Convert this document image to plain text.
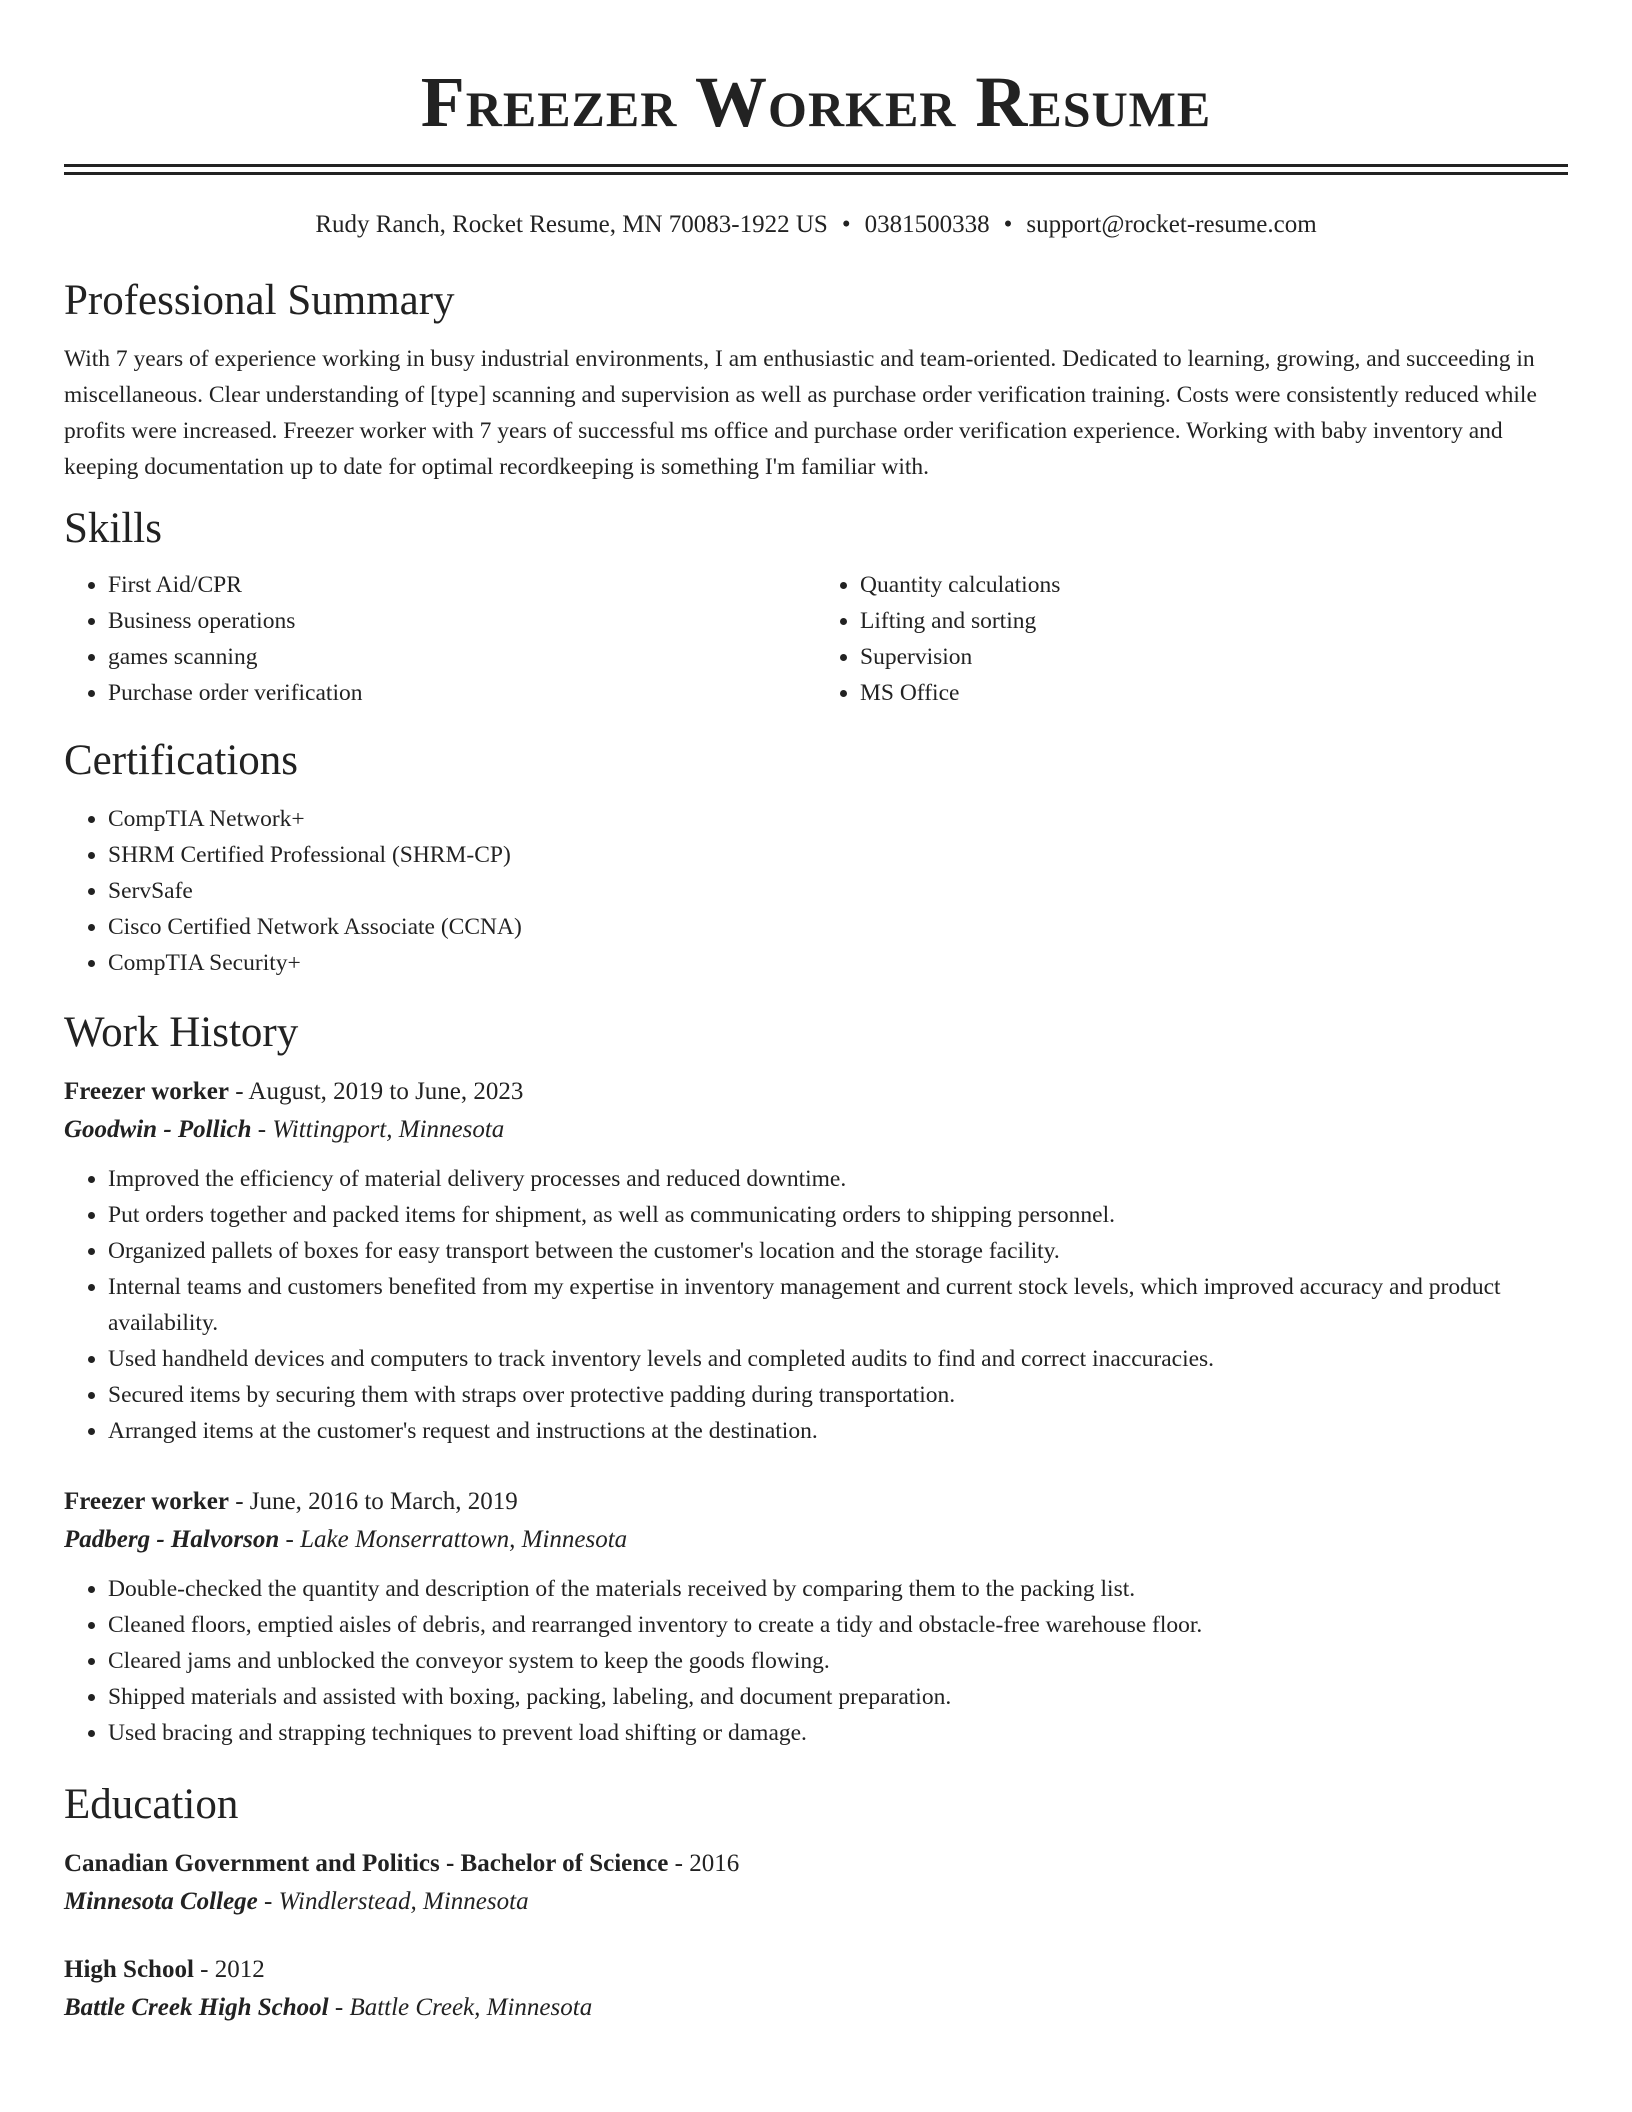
Freezer Worker Resume
Rudy Ranch, Rocket Resume, MN 70083-1922 US • 0381500338 • support@rocket-resume.com
Professional Summary

With 7 years of experience working in busy industrial environments, I am enthusiastic and team-oriented. Dedicated to learning, growing, and succeeding in miscellaneous. Clear understanding of [type] scanning and supervision as well as purchase order verification training. Costs were consistently reduced while profits were increased. Freezer worker with 7 years of successful ms office and purchase order verification experience. Working with baby inventory and keeping documentation up to date for optimal recordkeeping is something I'm familiar with.

Skills
• First Aid/CPR
• Business operations
• games scanning
• Purchase order verification
• Quantity calculations
• Lifting and sorting
• Supervision
• MS Office
Certifications
• CompTIA Network+
• SHRM Certified Professional (SHRM-CP)
• ServSafe
• Cisco Certified Network Associate (CCNA)
• CompTIA Security+
Work History
Freezer worker - August, 2019 to June, 2023
Goodwin - Pollich - Wittingport, Minnesota
• Improved the efficiency of material delivery processes and reduced downtime.
• Put orders together and packed items for shipment, as well as communicating orders to shipping personnel.
• Organized pallets of boxes for easy transport between the customer's location and the storage facility.
• Internal teams and customers benefited from my expertise in inventory management and current stock levels, which improved accuracy and product availability.
• Used handheld devices and computers to track inventory levels and completed audits to find and correct inaccuracies.
• Secured items by securing them with straps over protective padding during transportation.
• Arranged items at the customer's request and instructions at the destination.
Freezer worker - June, 2016 to March, 2019
Padberg - Halvorson - Lake Monserrattown, Minnesota
• Double-checked the quantity and description of the materials received by comparing them to the packing list.
• Cleaned floors, emptied aisles of debris, and rearranged inventory to create a tidy and obstacle-free warehouse floor.
• Cleared jams and unblocked the conveyor system to keep the goods flowing.
• Shipped materials and assisted with boxing, packing, labeling, and document preparation.
• Used bracing and strapping techniques to prevent load shifting or damage.
Education
Canadian Government and Politics - Bachelor of Science - 2016
Minnesota College - Windlerstead, Minnesota
High School - 2012
Battle Creek High School - Battle Creek, Minnesota
